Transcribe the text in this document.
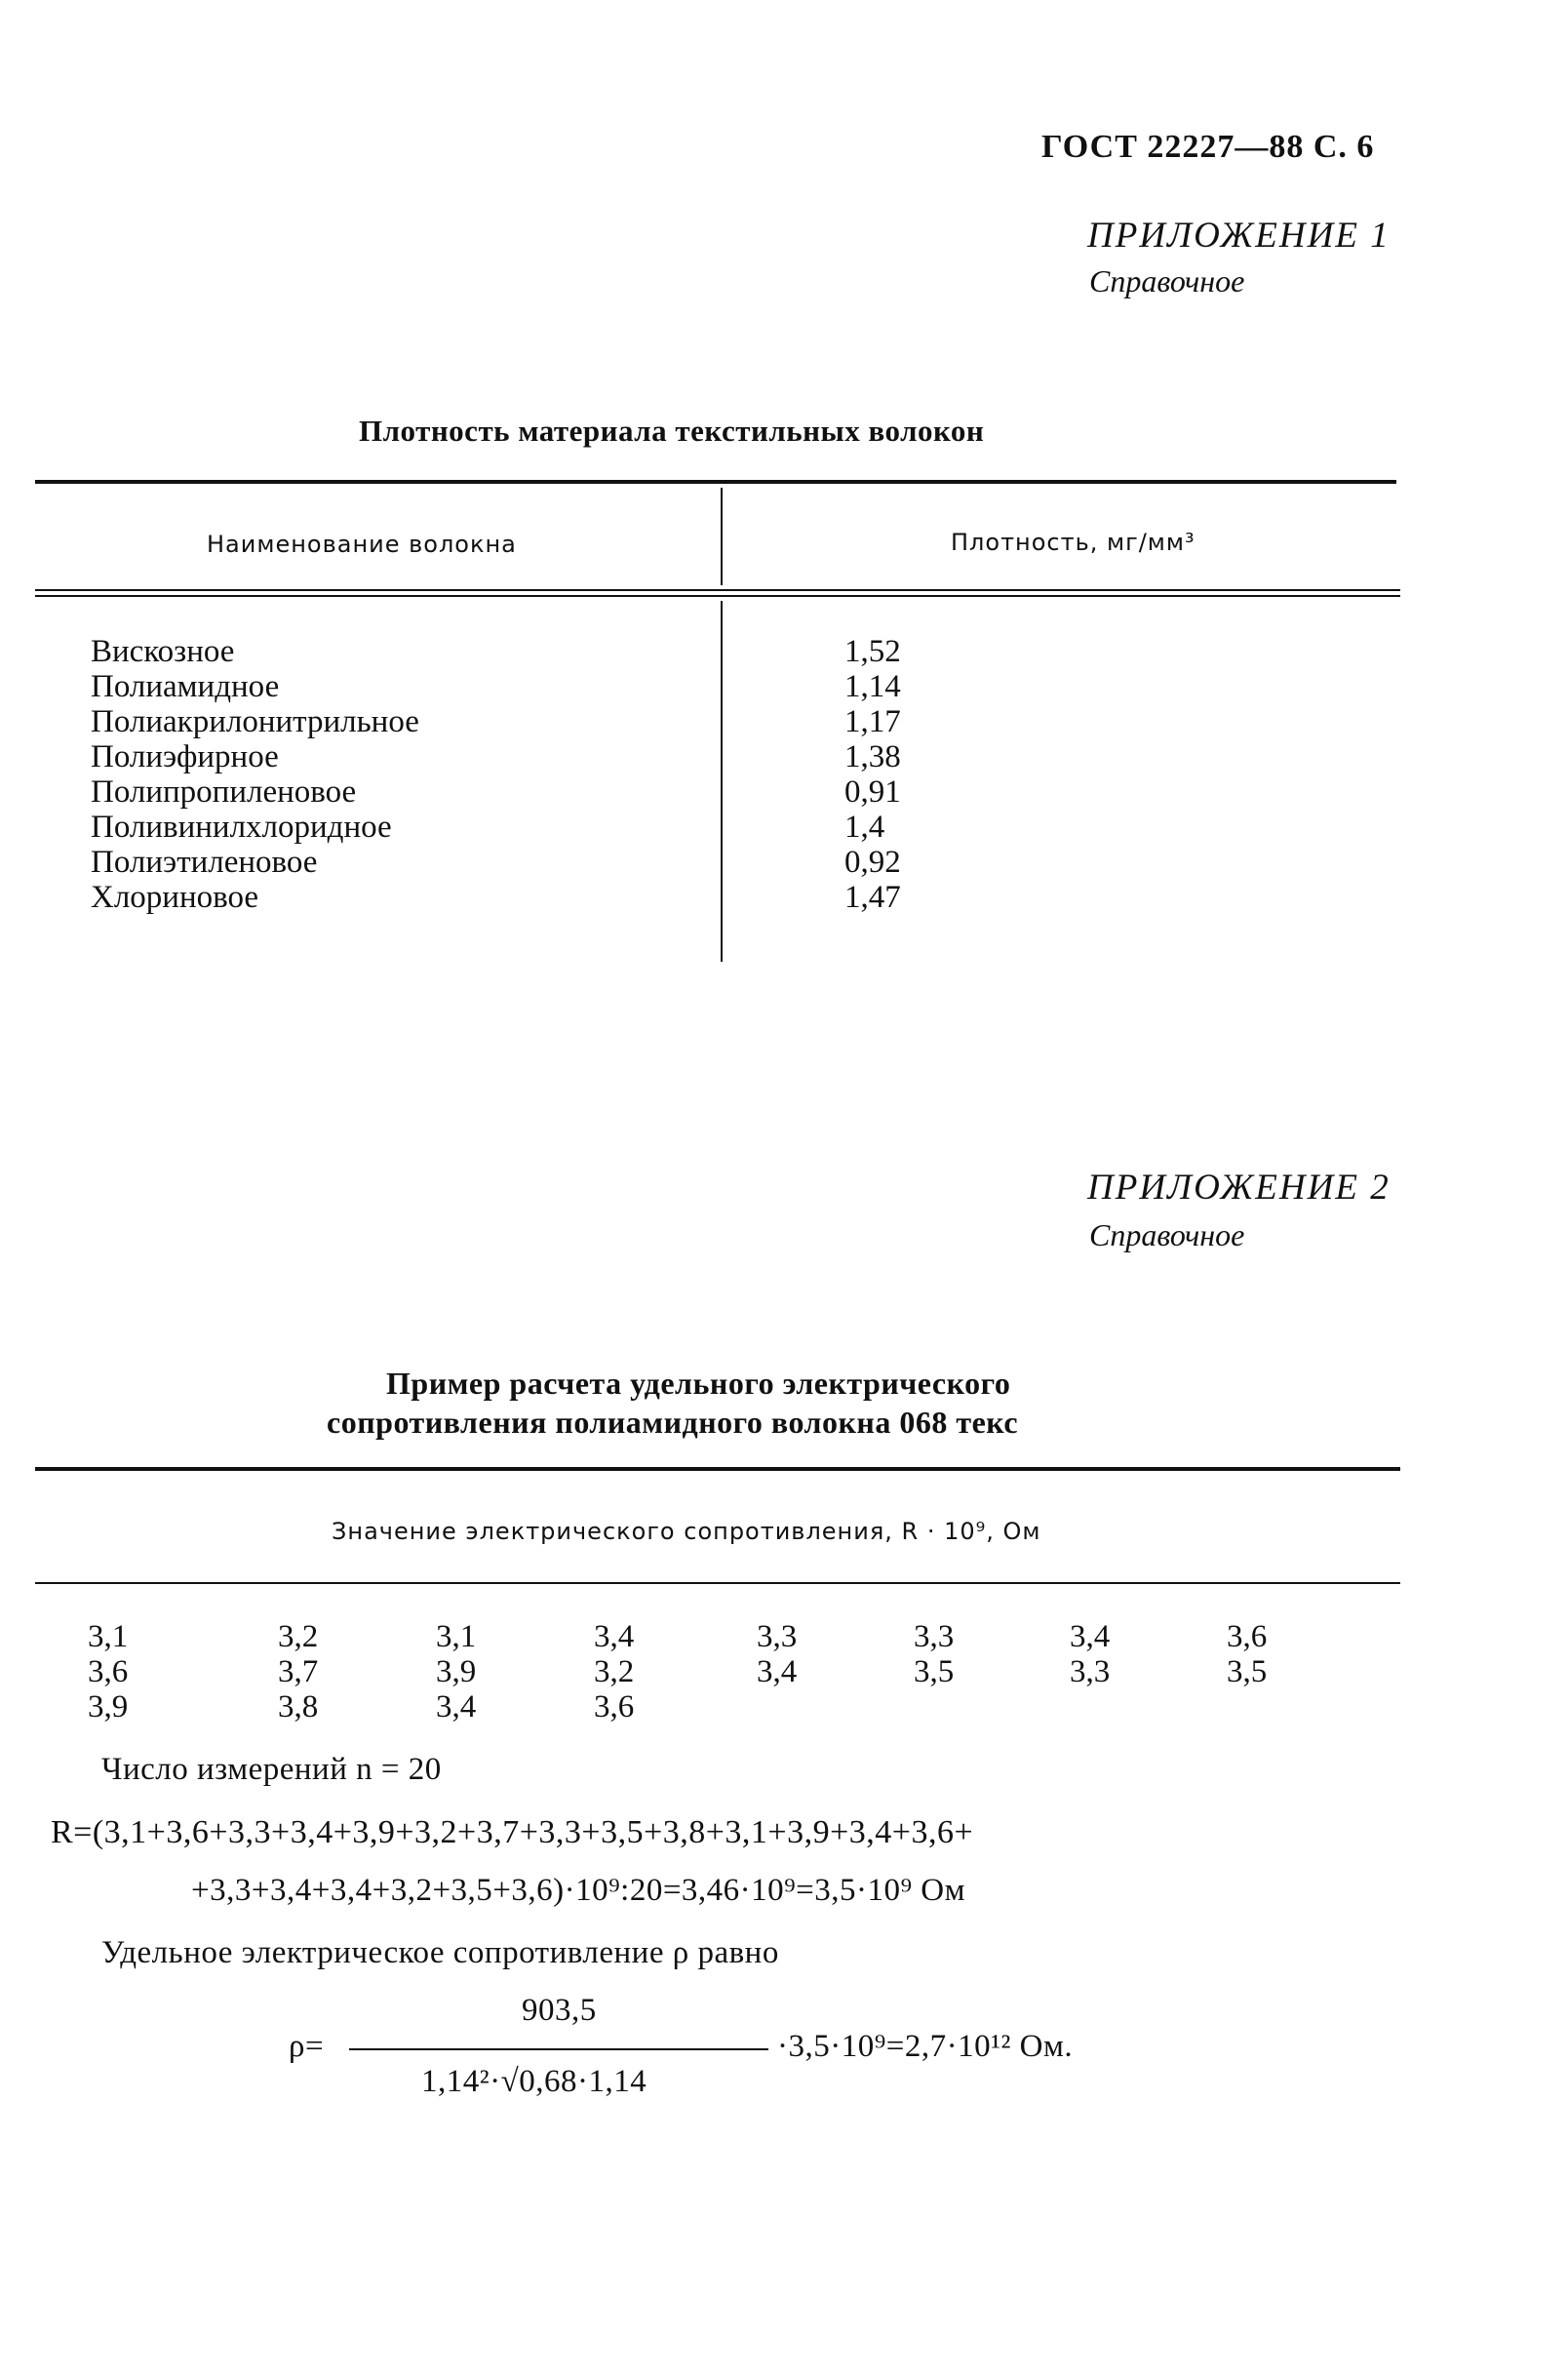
ГОСТ 22227—88 С. 6
ПРИЛОЖЕНИЕ 1
Справочное
Плотность материала текстильных волокон
Наименование волокна	Плотность, мг/мм³
Вискозное
Полиамидное
Полиакрилонитрильное
Полиэфирное
Полипропиленовое
Поливинилхлоридное
Полиэтиленовое
Хлориновое
1,52
1,14
1,17
1,38
0,91
1,4
0,92
1,47
ПРИЛОЖЕНИЕ 2
Справочное
Пример расчета удельного электрического
сопротивления полиамидного волокна 068 текс
Значение электрического сопротивления, R · 10⁹, Ом
3,1
3,6
3,9
3,2
3,7
3,8
3,1
3,9
3,4
3,4
3,2
3,6
3,3
3,4
3,3
3,5
3,4
3,3
3,6
3,5
Число измерений n = 20
R=(3,1+3,6+3,3+3,4+3,9+3,2+3,7+3,3+3,5+3,8+3,1+3,9+3,4+3,6+
+3,3+3,4+3,4+3,2+3,5+3,6)·10⁹:20=3,46·10⁹=3,5·10⁹ Ом
Удельное электрическое сопротивление ρ равно
ρ=
903,5
1,14²·√0,68·1,14
·3,5·10⁹=2,7·10¹² Ом.
